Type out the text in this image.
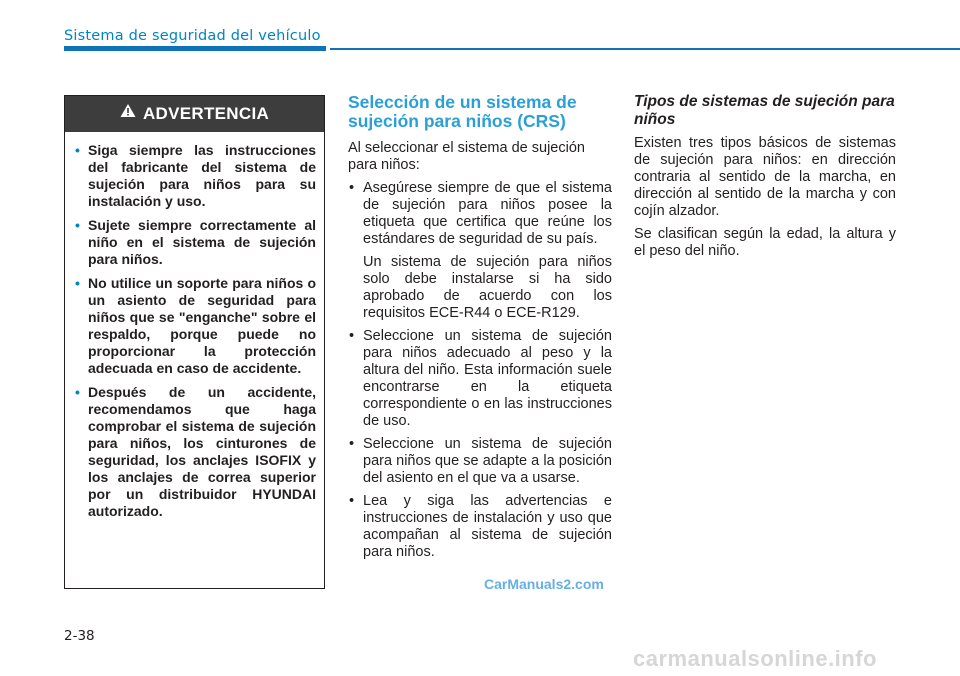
Sistema de seguridad del vehículo
ADVERTENCIA
• Siga siempre las instrucciones del fabricante del sistema de sujeción para niños para su instalación y uso.
• Sujete siempre correctamente al niño en el sistema de sujeción para niños.
• No utilice un soporte para niños o un asiento de seguridad para niños que se "enganche" sobre el respaldo, porque puede no proporcionar la protección adecuada en caso de accidente.
• Después de un accidente, recomendamos que haga comprobar el sistema de sujeción para niños, los cinturones de seguridad, los anclajes ISOFIX y los anclajes de correa superior por un distribuidor HYUNDAI autorizado.
Selección de un sistema de sujeción para niños (CRS)

Al seleccionar el sistema de sujeción para niños:

• Asegúrese siempre de que el sistema de sujeción para niños posee la etiqueta que certifica que reúne los estándares de seguridad de su país.
Un sistema de sujeción para niños solo debe instalarse si ha sido aprobado de acuerdo con los requisitos ECE-R44 o ECE-R129.
• Seleccione un sistema de sujeción para niños adecuado al peso y la altura del niño. Esta información suele encontrarse en la etiqueta correspondiente o en las instrucciones de uso.
• Seleccione un sistema de sujeción para niños que se adapte a la posición del asiento en el que va a usarse.
• Lea y siga las advertencias e instrucciones de instalación y uso que acompañan al sistema de sujeción para niños.
Tipos de sistemas de sujeción para niños

Existen tres tipos básicos de sistemas de sujeción para niños: en dirección contraria al sentido de la marcha, en dirección al sentido de la marcha y con cojín alzador.

Se clasifican según la edad, la altura y el peso del niño.

2-38
CarManuals2.com
carmanualsonline.info
